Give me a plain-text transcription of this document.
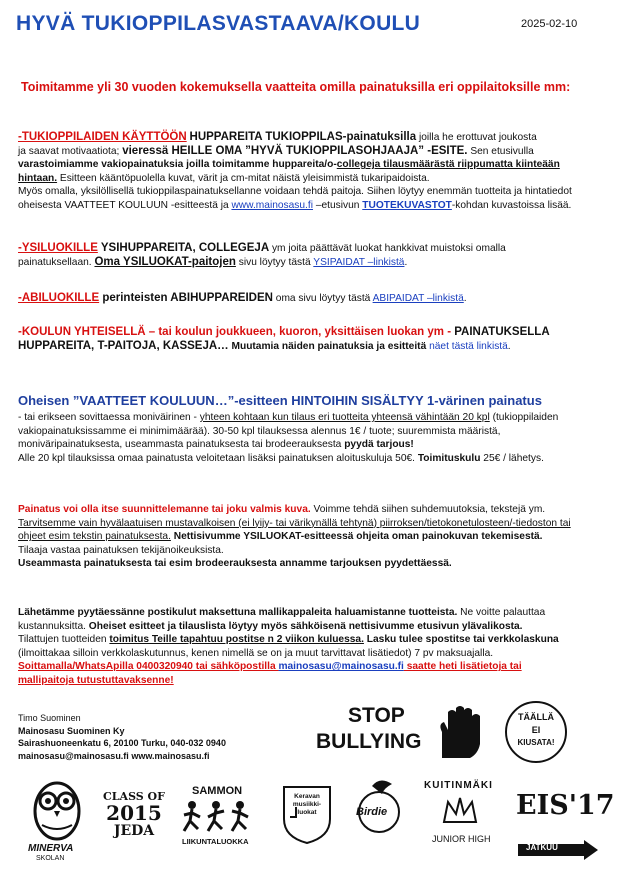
HYVÄ TUKIOPPILASVASTAAVA/KOULU	2025-02-10
Toimitamme yli 30 vuoden kokemuksella vaatteita omilla painatuksilla eri oppilaitoksille mm:
-TUKIOPPILAIDEN KÄYTTÖÖN HUPPAREITA TUKIOPPILAS-painatuksilla joilla he erottuvat joukosta
ja saavat motivaatiota; vieressä HEILLE OMA ”HYVÄ TUKIOPPILASOHJAAJA” -ESITE. Sen etusivulla
varastoimiamme vakiopainatuksia joilla toimitamme huppareita/o-collegeja tilausmäärästä riippumatta kiinteään
hintaan. Esitteen kääntöpuolella kuvat, värit ja cm-mitat näistä yleisimmistä tukaripaidoista.
Myös omalla, yksilöllisellä tukioppilaspainatuksellanne voidaan tehdä paitoja. Siihen löytyy enemmän tuotteita ja hintatiedot
oheisesta VAATTEET KOULUUN -esitteestä ja www.mainosasu.fi –etusivun TUOTEKUVASTOT-kohdan kuvastoissa lisää.
-YSILUOKILLE YSIHUPPAREITA, COLLEGEJA ym joita päättävät luokat hankkivat muistoksi omalla
painatuksellaan. Oma YSILUOKAT-paitojen sivu löytyy tästä YSIPAIDAT –linkistä.
-ABILUOKILLE perinteisten ABIHUPPAREIDEN oma sivu löytyy tästä ABIPAIDAT –linkistä.
-KOULUN YHTEISELLÄ – tai koulun joukkueen, kuoron, yksittäisen luokan ym - PAINATUKSELLA
HUPPAREITA, T-PAITOJA, KASSEJA… Muutamia näiden painatuksia ja esitteitä näet tästä linkistä.
Oheisen ”VAATTEET KOULUUN…”-esitteen HINTOIHIN SISÄLTYY 1-värinen painatus
- tai erikseen sovittaessa moniväirinen - yhteen kohtaan kun tilaus eri tuotteita yhteensä vähintään 20 kpl (tukioppilaiden
vakiopainatuksissamme ei minimimäärää). 30-50 kpl tilauksessa alennus 1€ / tuote; suuremmista määristä,
moniväripainatuksesta, useammasta painatuksesta tai brodeerauksesta pyydä tarjous!
Alle 20 kpl tilauksissa omaa painatusta veloitetaan lisäksi painatuksen aloituskuluja 50€. Toimituskulu 25€ / lähetys.
Painatus voi olla itse suunnittelemanne tai joku valmis kuva. Voimme tehdä siihen suhdemuutoksia, tekstejä ym.
Tarvitsemme vain hyvälaatuisen mustavalkoisen (ei lyijy- tai värikynällä tehtynä) piirroksen/tietokonetulosteen/-tiedoston tai
ohjeet esim tekstin painatuksesta. Nettisivumme YSILUOKAT-esitteessä ohjeita oman painokuvan tekemisestä.
Tilaaja vastaa painatuksen tekijänoikeuksista.
Useammasta painatuksesta tai esim brodeerauksesta annamme tarjouksen pyydettäessä.
Lähetämme pyytäessänne postikulut maksettuna mallikappaleita haluamistanne tuotteista. Ne voitte palauttaa
kustannuksitta. Oheiset esitteet ja tilauslista löytyy myös sähköisenä nettisivumme etusivun ylävalikosta.
Tilattujen tuotteiden toimitus Teille tapahtuu postitse n 2 viikon kuluessa. Lasku tulee spostitse tai verkkolaskuna
(ilmoittakaa silloin verkkolaskutunnus, kenen nimellä se on ja muut tarvittavat lisätiedot) 7 pv maksuajalla.
Soittamalla/WhatsApilla 0400320940 tai sähköpostilla mainosasu@mainosasu.fi saatte heti lisätietoja tai
mallipaitoja tutustuttavaksenne!
Timo Suominen
Mainosasu Suominen Ky
Sairashuoneenkatu 6, 20100 Turku, 040-032 0940
mainosasu@mainosasu.fi www.mainosasu.fi
STOP
BULLYING
TÄÄLLÄ
EI
KIUSATA!
MINERVA
SKOLAN
CLASS OF
2015
JEDA
SAMMON
LIIKUNTALUOKKA
Keravan
musiikki-
luokat	Birdie
KUITINMÄKI
JUNIOR HIGH
EIS'17
JATKUU
